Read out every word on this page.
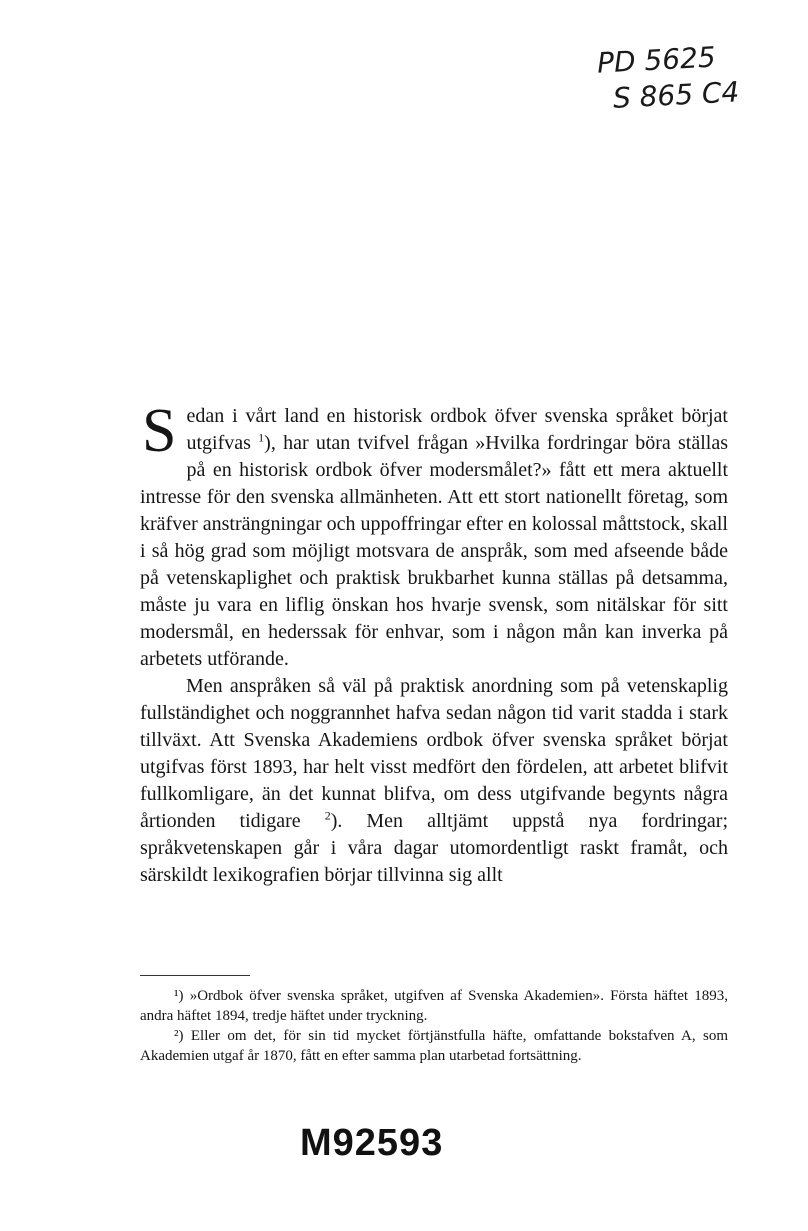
PD 5625
S 865 C4

Sedan i vårt land en historisk ordbok öfver svenska språket börjat utgifvas $^1$), har utan tvifvel frågan »Hvilka fordringar böra ställas på en historisk ordbok öfver modersmålet?» fått ett mera aktuellt intresse för den svenska allmänheten. Att ett stort nationellt företag, som kräfver ansträngningar och uppoffringar efter en kolossal måttstock, skall i så hög grad som möjligt motsvara de anspråk, som med afseende både på vetenskaplighet och praktisk brukbarhet kunna ställas på detsamma, måste ju vara en liflig önskan hos hvarje svensk, som nitälskar för sitt modersmål, en hederssak för enhvar, som i någon mån kan inverka på arbetets utförande.

Men anspråken så väl på praktisk anordning som på vetenskaplig fullständighet och noggrannhet hafva sedan någon tid varit stadda i stark tillväxt. Att Svenska Akademiens ordbok öfver svenska språket börjat utgifvas först 1893, har helt visst medfört den fördelen, att arbetet blifvit fullkomligare, än det kunnat blifva, om dess utgifvande begynts några årtionden tidigare $^2$). Men alltjämt uppstå nya fordringar; språkvetenskapen går i våra dagar utomordentligt raskt framåt, och särskildt lexikografien börjar tillvinna sig allt

¹) »Ordbok öfver svenska språket, utgifven af Svenska Akademien». Första häftet 1893, andra häftet 1894, tredje häftet under tryckning.

²) Eller om det, för sin tid mycket förtjänstfulla häfte, omfattande bokstafven A, som Akademien utgaf år 1870, fått en efter samma plan utarbetad fortsättning.

M92593
